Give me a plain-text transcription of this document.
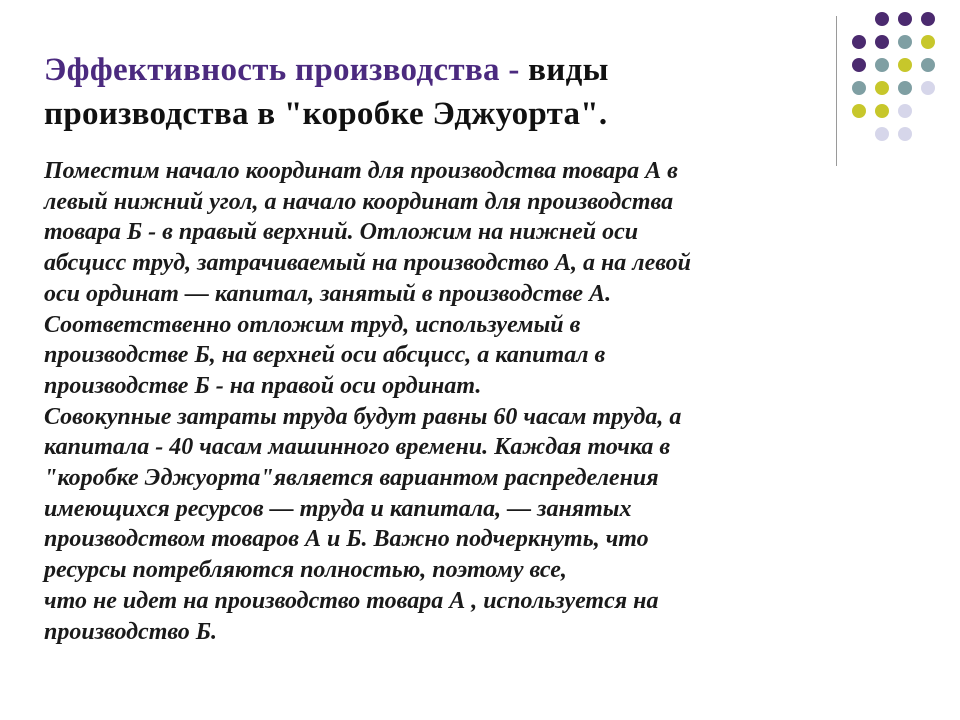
Эффективность производства - виды
производства в "коробке Эджуорта".
Поместим начало координат для производства товара А в
левый нижний угол, а начало координат для производства
товара Б - в правый верхний. Отложим на нижней оси
абсцисс труд, затрачиваемый на производство А, а на левой
оси ординат — капитал, занятый в производстве А.
Соответственно отложим труд, используемый в
производстве Б, на верхней оси абсцисс, а капитал в
производстве Б - на правой оси ординат.
Совокупные затраты труда будут равны 60 часам труда, а
капитала - 40 часам машинного времени. Каждая точка в
"коробке Эджуорта"является вариантом распределения
имеющихся ресурсов — труда и капитала, — занятых
производством товаров А и Б. Важно подчеркнуть, что
ресурсы потребляются полностью, поэтому все,
что не идет на производство товара А , используется на
производство Б.
